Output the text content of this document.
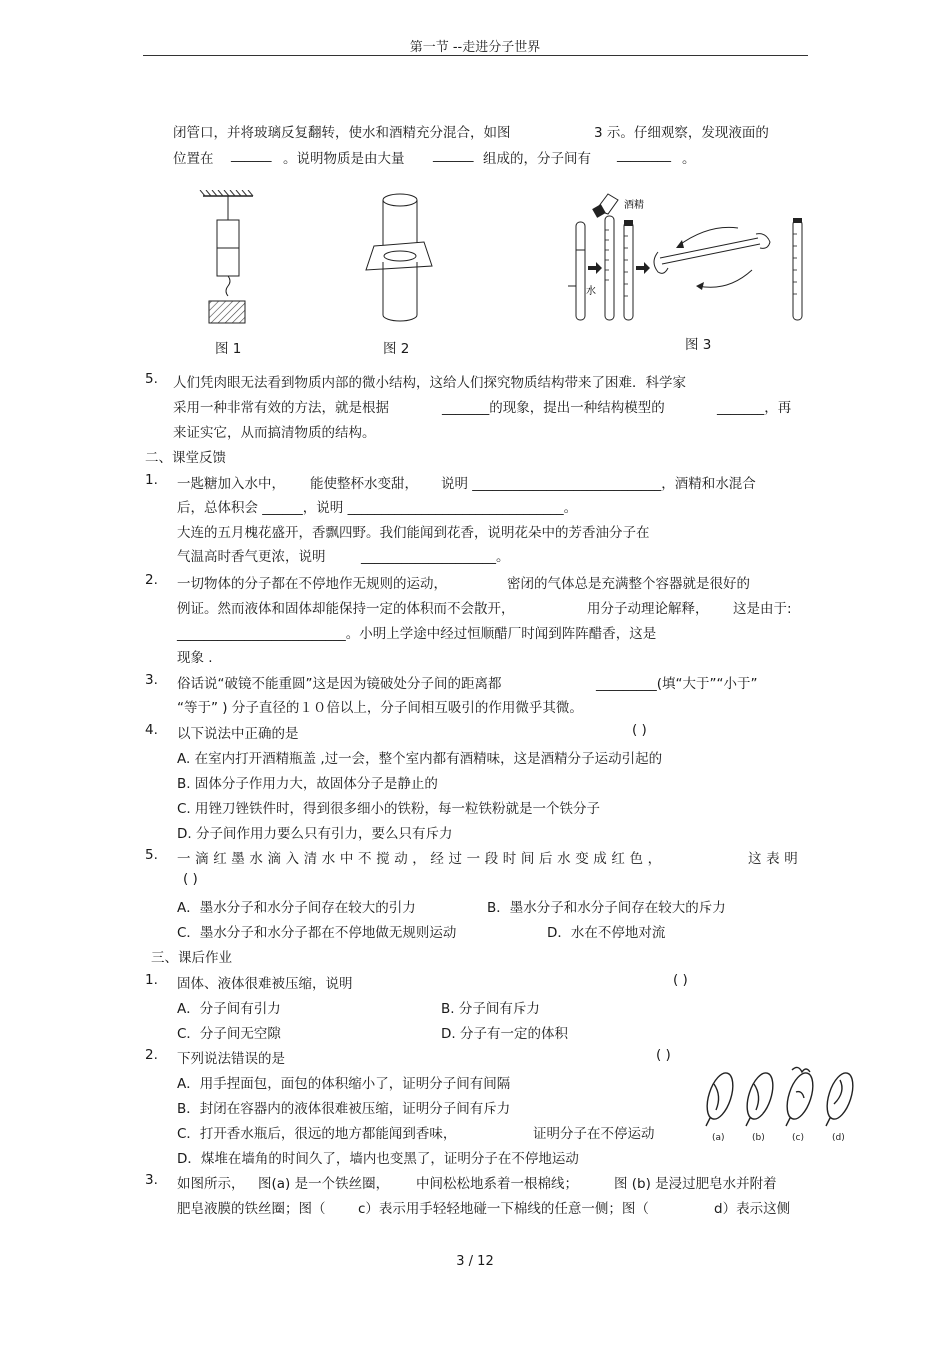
第一节 --走进分子世界
闭管口，并将玻璃反复翻转，使水和酒精充分混合，如图	3 示。仔细观察，发现液面的
位置在 ______ 。说明物质是由大量 ______ 组成的，分子间有 ________ 。
图 1	图 2
水
酒精
图 3
5. 人们凭肉眼无法看到物质内部的微小结构，这给人们探究物质结构带来了困难．科学家
采用一种非常有效的方法，就是根据	_______的现象，提出一种结构模型的	_______，再
来证实它，从而搞清物质的结构。
二、课堂反馈
1. 一匙糖加入水中， 能使整杯水变甜， 说明 ____________________________，酒精和水混合
后，总体积会 ______，说明 ________________________________。
大连的五月槐花盛开，香飘四野。我们能闻到花香，说明花朵中的芳香油分子在
气温高时香气更浓，说明	____________________。
2. 一切物体的分子都在不停地作无规则的运动，	密闭的气体总是充满整个容器就是很好的
例证。然而液体和固体却能保持一定的体积而不会散开，	用分子动理论解释， 这是由于:
_________________________。小明上学途中经过恒顺醋厂时闻到阵阵醋香，这是
现象 .
3. 俗话说“破镜不能重圆”这是因为镜破处分子间的距离都	_________(填“大于”“小于”
“等于” ) 分子直径的１０倍以上，分子间相互吸引的作用微乎其微。
4. 以下说法中正确的是	( )
A. 在室内打开酒精瓶盖 ,过一会，整个室内都有酒精味，这是酒精分子运动引起的
B. 固体分子作用力大，故固体分子是静止的
C. 用锉刀锉铁件时，得到很多细小的铁粉，每一粒铁粉就是一个铁分子
D. 分子间作用力要么只有引力，要么只有斥力
5. 一滴红墨水滴入清水中不搅动，经过一段时间后水变成红色，	这表明
( )
A．墨水分子和水分子间存在较大的引力	B．墨水分子和水分子间存在较大的斥力
C．墨水分子和水分子都在不停地做无规则运动	D．水在不停地对流
三、课后作业
1. 固体、液体很难被压缩，说明	( )
A．分子间有引力	B. 分子间有斥力
C．分子间无空隙	D. 分子有一定的体积
2. 下列说法错误的是	( )
A．用手捏面包，面包的体积缩小了，证明分子间有间隔
B．封闭在容器内的液体很难被压缩，证明分子间有斥力
C．打开香水瓶后，很远的地方都能闻到香味，	证明分子在不停运动
D．煤堆在墙角的时间久了，墙内也变黑了，证明分子在不停地运动
(a)	(b)	(c)	(d)
3. 如图所示， 图(a) 是一个铁丝圈， 中间松松地系着一根棉线；	图 (b) 是浸过肥皂水并附着
肥皂液膜的铁丝圈；图（ c）表示用手轻轻地碰一下棉线的任意一侧；图（	d）表示这侧
3 / 12
